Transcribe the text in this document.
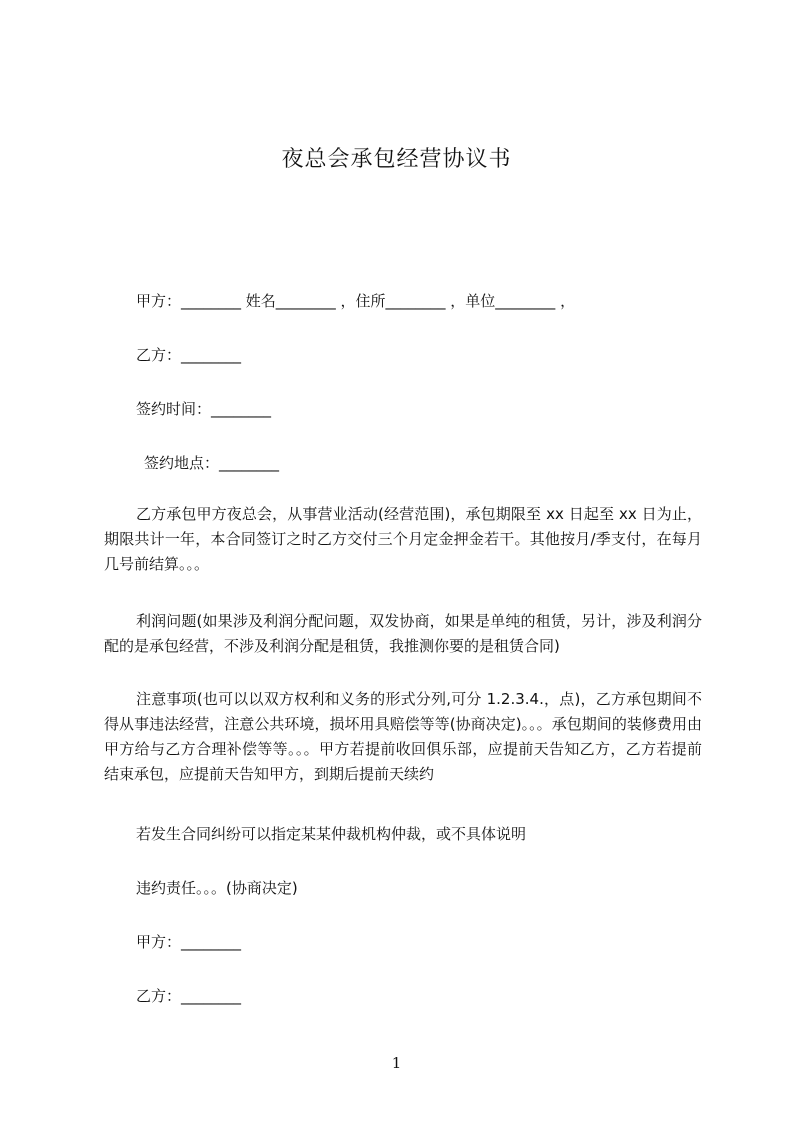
夜总会承包经营协议书
甲方：________ 姓名________ ，住所________ ，单位________ ，
乙方：________
签约时间：________
签约地点：________
乙方承包甲方夜总会，从事营业活动(经营范围)，承包期限至 xx 日起至 xx 日为止，期限共计一年，本合同签订之时乙方交付三个月定金押金若干。其他按月/季支付，在每月几号前结算。。。
利润问题(如果涉及利润分配问题，双发协商，如果是单纯的租赁，另计，涉及利润分配的是承包经营，不涉及利润分配是租赁，我推测你要的是租赁合同)
注意事项(也可以以双方权利和义务的形式分列,可分 1.2.3.4.，点)，乙方承包期间不得从事违法经营，注意公共环境，损坏用具赔偿等等(协商决定)。。。承包期间的装修费用由甲方给与乙方合理补偿等等。。。甲方若提前收回俱乐部，应提前天告知乙方，乙方若提前结束承包，应提前天告知甲方，到期后提前天续约
若发生合同纠纷可以指定某某仲裁机构仲裁，或不具体说明
违约责任。。。(协商决定)
甲方：________
乙方：________
1
